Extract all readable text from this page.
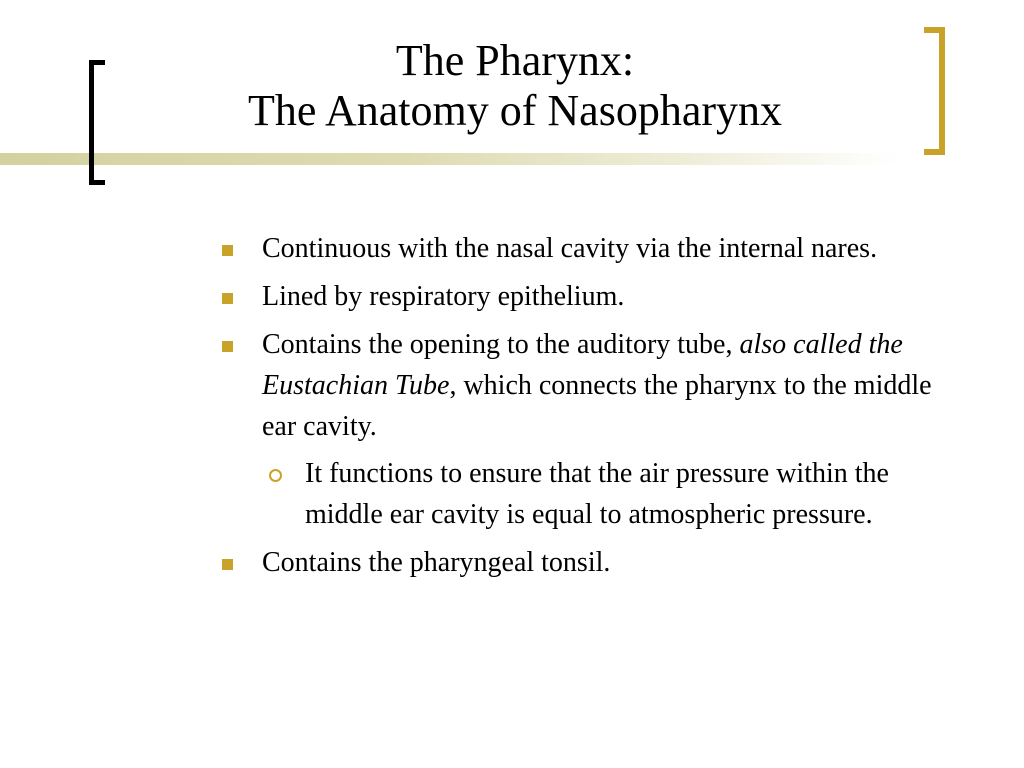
The Pharynx:
The Anatomy of Nasopharynx
Continuous with the nasal cavity via the internal nares.
Lined by respiratory epithelium.
Contains the opening to the auditory tube, also called the Eustachian Tube, which connects the pharynx to the middle ear cavity.
It functions to ensure that the air pressure within the middle ear cavity is equal to atmospheric pressure.
Contains the pharyngeal tonsil.
